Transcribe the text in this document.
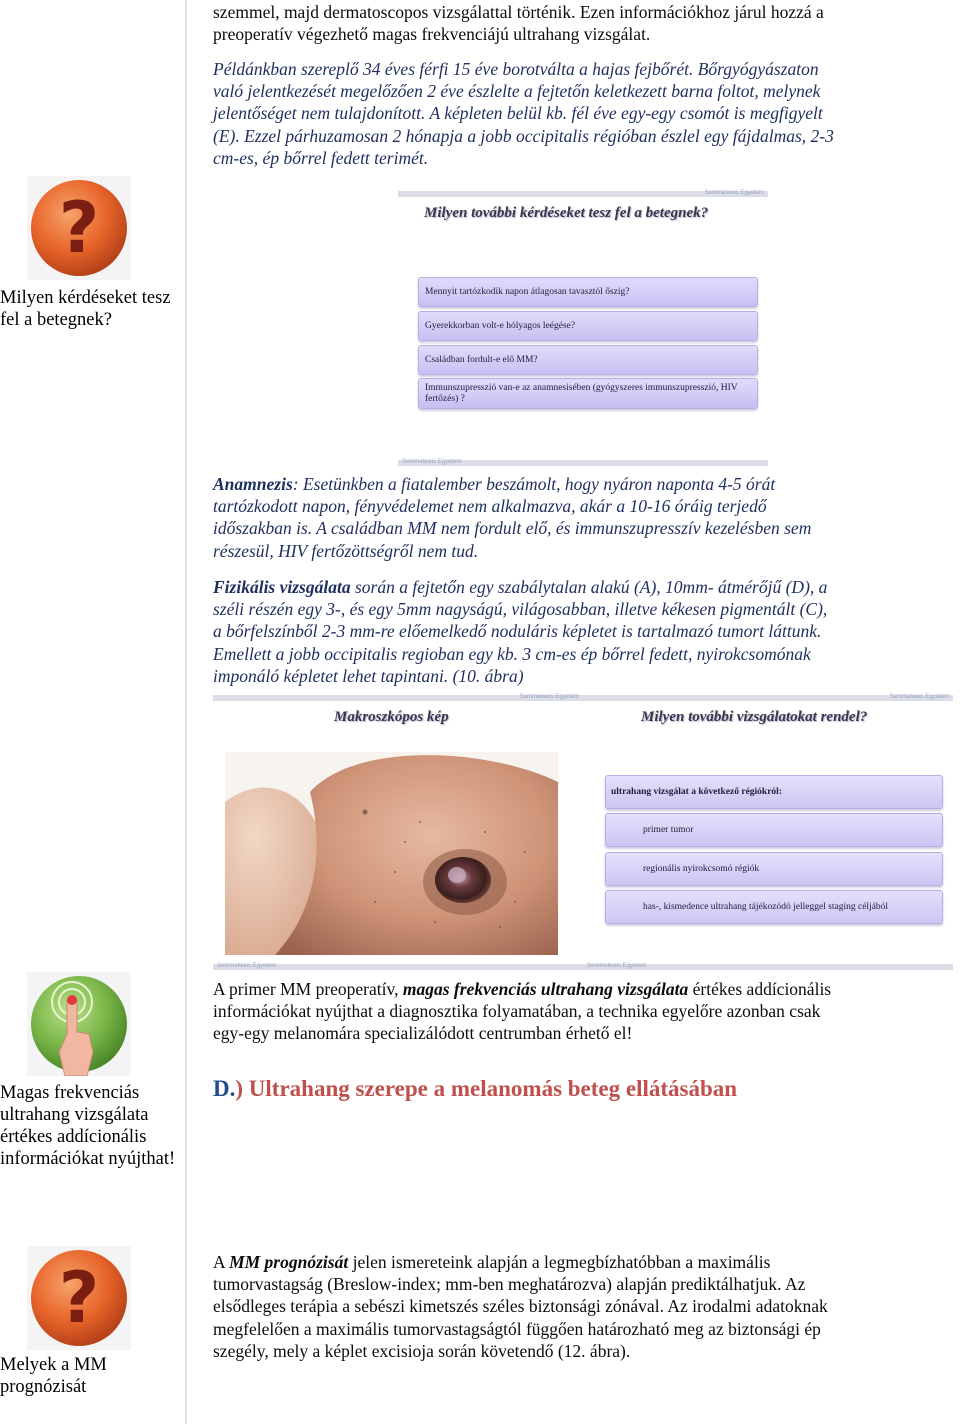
szemmel, majd dermatoscopos vizsgálattal történik. Ezen információkhoz járul hozzá a
preoperatív végezhető magas frekvenciájú ultrahang vizsgálat.
Példánkban szereplő 34 éves férfi 15 éve borotválta a hajas fejbőrét. Bőrgyógyászaton
való jelentkezését megelőzően 2 éve észlelte a fejtetőn keletkezett barna foltot, melynek
jelentőséget nem tulajdonított. A képleten belül kb. fél éve egy-egy csomót is megfigyelt
(E). Ezzel párhuzamosan 2 hónapja a jobb occipitalis régióban észlel egy fájdalmas, 2-3
cm-es, ép bőrrel fedett terimét.
?
Milyen kérdéseket tesz fel a betegnek?
Semmelweis Egyetem
Milyen további kérdéseket tesz fel a betegnek?
Mennyit tartózkodik napon átlagosan tavasztól őszig?
Gyerekkorban volt-e hólyagos leégése?
Családban fordult-e elő MM?
Immunszupresszió van-e az anamnesisében (gyógyszeres immunszupresszió, HIV fertőzés) ?
Semmelweis Egyetem
Anamnezis: Esetünkben a fiatalember beszámolt, hogy nyáron naponta 4-5 órát
tartózkodott napon, fényvédelemet nem alkalmazva, akár a 10-16 óráig terjedő
időszakban is. A családban MM nem fordult elő, és immunszupresszív kezelésben sem
részesül, HIV fertőzöttségről nem tud.
Fizikális vizsgálata során a fejtetőn egy szabálytalan alakú (A), 10mm- átmérőjű (D), a
széli részén egy 3-, és egy 5mm nagyságú, világosabban, illetve kékesen pigmentált (C),
a bőrfelszínből 2-3 mm-re előemelkedő noduláris képletet is tartalmazó tumort láttunk.
Emellett a jobb occipitalis regioban egy kb. 3 cm-es ép bőrrel fedett, nyirokcsomónak
imponáló képletet lehet tapintani. (10. ábra)
Semmelweis Egyetem	Semmelweis Egyetem
Makroszkópos kép	Milyen további vizsgálatokat rendel?
ultrahang vizsgálat a következő régiókról:
primer tumor
regionális nyirokcsomó régiók
has-, kismedence ultrahang tájékozódó jelleggel staging céljából
Semmelweis Egyetem	Semmelweis Egyetem
Magas frekvenciás ultrahang vizsgálata értékes addícionális információkat nyújthat!
A primer MM preoperatív, magas frekvenciás ultrahang vizsgálata értékes addícionális
információkat nyújthat a diagnosztika folyamatában, a technika egyelőre azonban csak
egy-egy melanomára specializálódott centrumban érhető el!
D.) Ultrahang szerepe a melanomás beteg ellátásában
?
Melyek a MM prognózisát
A MM prognózisát jelen ismereteink alapján a legmegbízhatóbban a maximális
tumorvastagság (Breslow-index; mm-ben meghatározva) alapján prediktálhatjuk. Az
elsődleges terápia a sebészi kimetszés széles biztonsági zónával. Az irodalmi adatoknak
megfelelően a maximális tumorvastagságtól függően határozható meg az biztonsági ép
szegély, mely a képlet excisioja során követendő (12. ábra).
